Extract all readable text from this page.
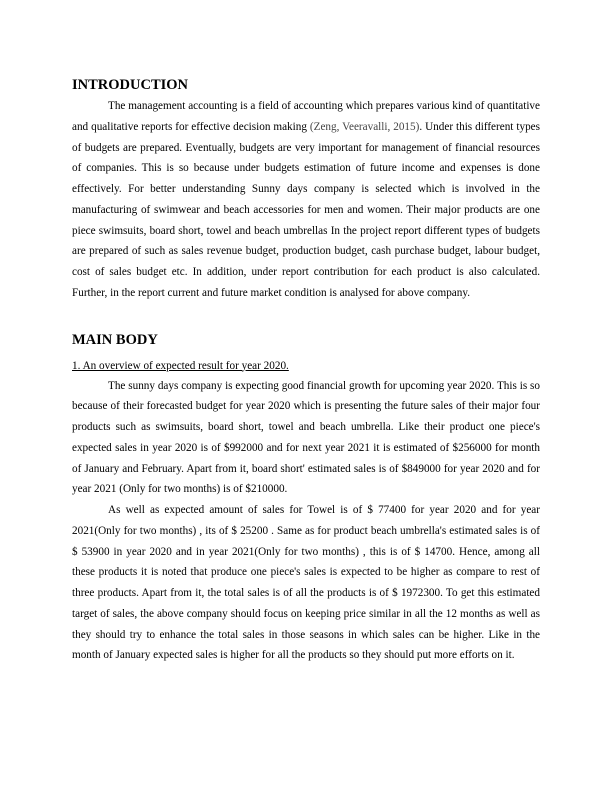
INTRODUCTION

The management accounting is a field of accounting which prepares various kind of quantitative and qualitative reports for effective decision making (Zeng, Veeravalli, 2015). Under this different types of budgets are prepared. Eventually, budgets are very important for management of financial resources of companies. This is so because under budgets estimation of future income and expenses is done effectively. For better understanding Sunny days company is selected which is involved in the manufacturing of swimwear and beach accessories for men and women. Their major products are one piece swimsuits, board short, towel and beach umbrellas In the project report different types of budgets are prepared of such as sales revenue budget, production budget, cash purchase budget, labour budget, cost of sales budget etc. In addition, under report contribution for each product is also calculated. Further, in the report current and future market condition is analysed for above company.

MAIN BODY

1. An overview of expected result for year 2020.

The sunny days company is expecting good financial growth for upcoming year 2020. This is so because of their forecasted budget for year 2020 which is presenting the future sales of their major four products such as swimsuits, board short, towel and beach umbrella. Like their product one piece's expected sales in year 2020 is of $992000 and for next year 2021 it is estimated of $256000 for month of January and February. Apart from it, board short' estimated sales is of $849000 for year 2020 and for year 2021 (Only for two months) is of $210000.

As well as expected amount of sales for Towel is of $ 77400 for year 2020 and for year 2021(Only for two months) , its of $ 25200 . Same as for product beach umbrella's estimated sales is of $ 53900 in year 2020 and in year 2021(Only for two months) , this is of $ 14700. Hence, among all these products it is noted that produce one piece's sales is expected to be higher as compare to rest of three products. Apart from it, the total sales is of all the products is of $ 1972300. To get this estimated target of sales, the above company should focus on keeping price similar in all the 12 months as well as they should try to enhance the total sales in those seasons in which sales can be higher. Like in the month of January expected sales is higher for all the products so they should put more efforts on it.
